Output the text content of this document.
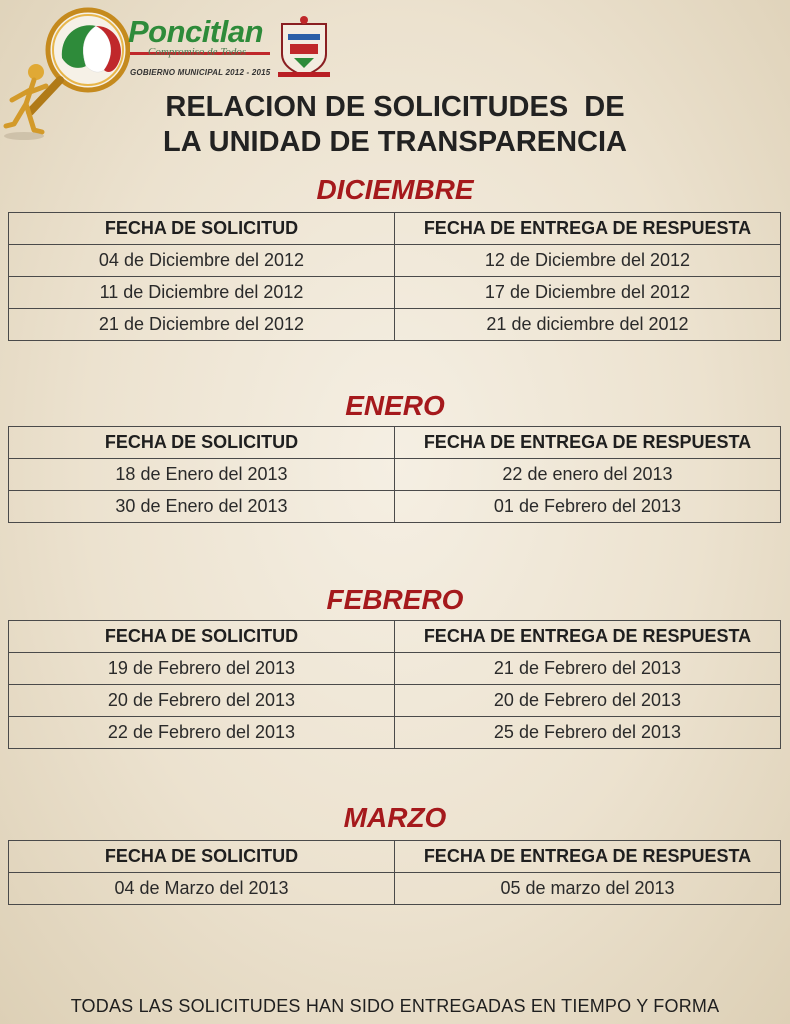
Poncitlan
Compromiso de Todos
GOBIERNO MUNICIPAL 2012 - 2015
RELACION DE SOLICITUDES  DE
LA UNIDAD DE TRANSPARENCIA
DICIEMBRE
FECHA DE SOLICITUD	FECHA DE ENTREGA DE RESPUESTA
04 de Diciembre del 2012	12 de Diciembre del 2012
11 de Diciembre del 2012	17 de Diciembre del 2012
21 de Diciembre del 2012	21 de diciembre del 2012
ENERO
FECHA DE SOLICITUD	FECHA DE ENTREGA DE RESPUESTA
18 de Enero del 2013	22 de enero del 2013
30 de Enero del 2013	01 de Febrero del 2013
FEBRERO
FECHA DE SOLICITUD	FECHA DE ENTREGA DE RESPUESTA
19 de Febrero del 2013	21 de Febrero del 2013
20 de Febrero del 2013	20 de Febrero del 2013
22 de Febrero del 2013	25 de Febrero del 2013
MARZO
FECHA DE SOLICITUD	FECHA DE ENTREGA DE RESPUESTA
04 de Marzo del 2013	05 de marzo del 2013
TODAS LAS SOLICITUDES HAN SIDO ENTREGADAS EN TIEMPO Y FORMA
